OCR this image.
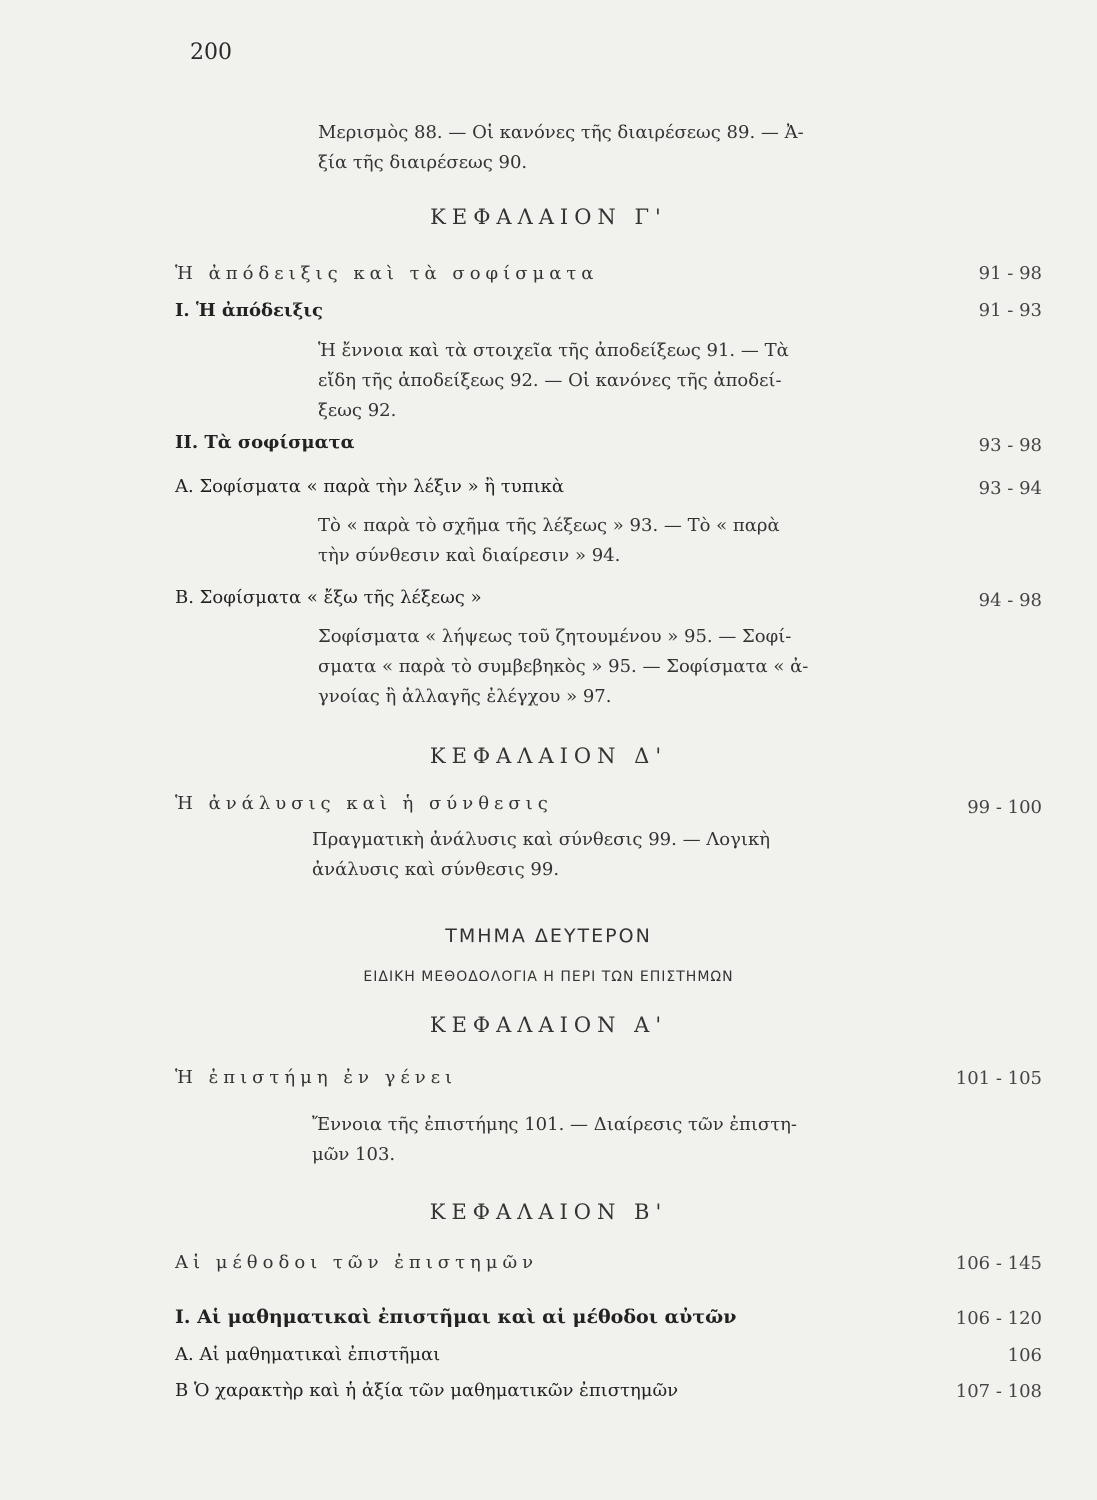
200
Μερισμὸς 88. — Οἱ κανόνες τῆς διαιρέσεως 89. — Ἀ-
ξία τῆς διαιρέσεως 90.
ΚΕΦΑΛΑΙΟΝ Γ'
Ἡ ἀπόδειξις καὶ τὰ σοφίσματα	91 - 98
I. Ἡ ἀπόδειξις	91 - 93
Ἡ ἔννοια καὶ τὰ στοιχεῖα τῆς ἀποδείξεως 91. — Τὰ
εἴδη τῆς ἀποδείξεως 92. — Οἱ κανόνες τῆς ἀποδεί-
ξεως 92.
II. Τὰ σοφίσματα	93 - 98
Α. Σοφίσματα « παρὰ τὴν λέξιν » ἢ τυπικὰ	93 - 94
Τὸ « παρὰ τὸ σχῆμα τῆς λέξεως » 93. — Τὸ « παρὰ
τὴν σύνθεσιν καὶ διαίρεσιν » 94.
Β. Σοφίσματα « ἔξω τῆς λέξεως »	94 - 98
Σοφίσματα « λήψεως τοῦ ζητουμένου » 95. — Σοφί-
σματα « παρὰ τὸ συμβεβηκὸς » 95. — Σοφίσματα « ἀ-
γνοίας ἢ ἀλλαγῆς ἐλέγχου » 97.
ΚΕΦΑΛΑΙΟΝ Δ'
Ἡ ἀνάλυσις καὶ ἡ σύνθεσις	99 - 100
Πραγματικὴ ἀνάλυσις καὶ σύνθεσις 99. — Λογικὴ
ἀνάλυσις καὶ σύνθεσις 99.
ΤΜΗΜΑ ΔΕΥΤΕΡΟΝ
ΕΙΔΙΚΗ ΜΕΘΟΔΟΛΟΓΙΑ Η ΠΕΡΙ ΤΩΝ ΕΠΙΣΤΗΜΩΝ
ΚΕΦΑΛΑΙΟΝ Α'
Ἡ ἐπιστήμη ἐν γένει	101 - 105
Ἔννοια τῆς ἐπιστήμης 101. — Διαίρεσις τῶν ἐπιστη-
μῶν 103.
ΚΕΦΑΛΑΙΟΝ Β'
Αἱ μέθοδοι τῶν ἐπιστημῶν	106 - 145
I. Αἱ μαθηματικαὶ ἐπιστῆμαι καὶ αἱ μέθοδοι αὐτῶν	106 - 120
Α. Αἱ μαθηματικαὶ ἐπιστῆμαι	106
Β Ὁ χαρακτὴρ καὶ ἡ ἀξία τῶν μαθηματικῶν ἐπιστημῶν	107 - 108
